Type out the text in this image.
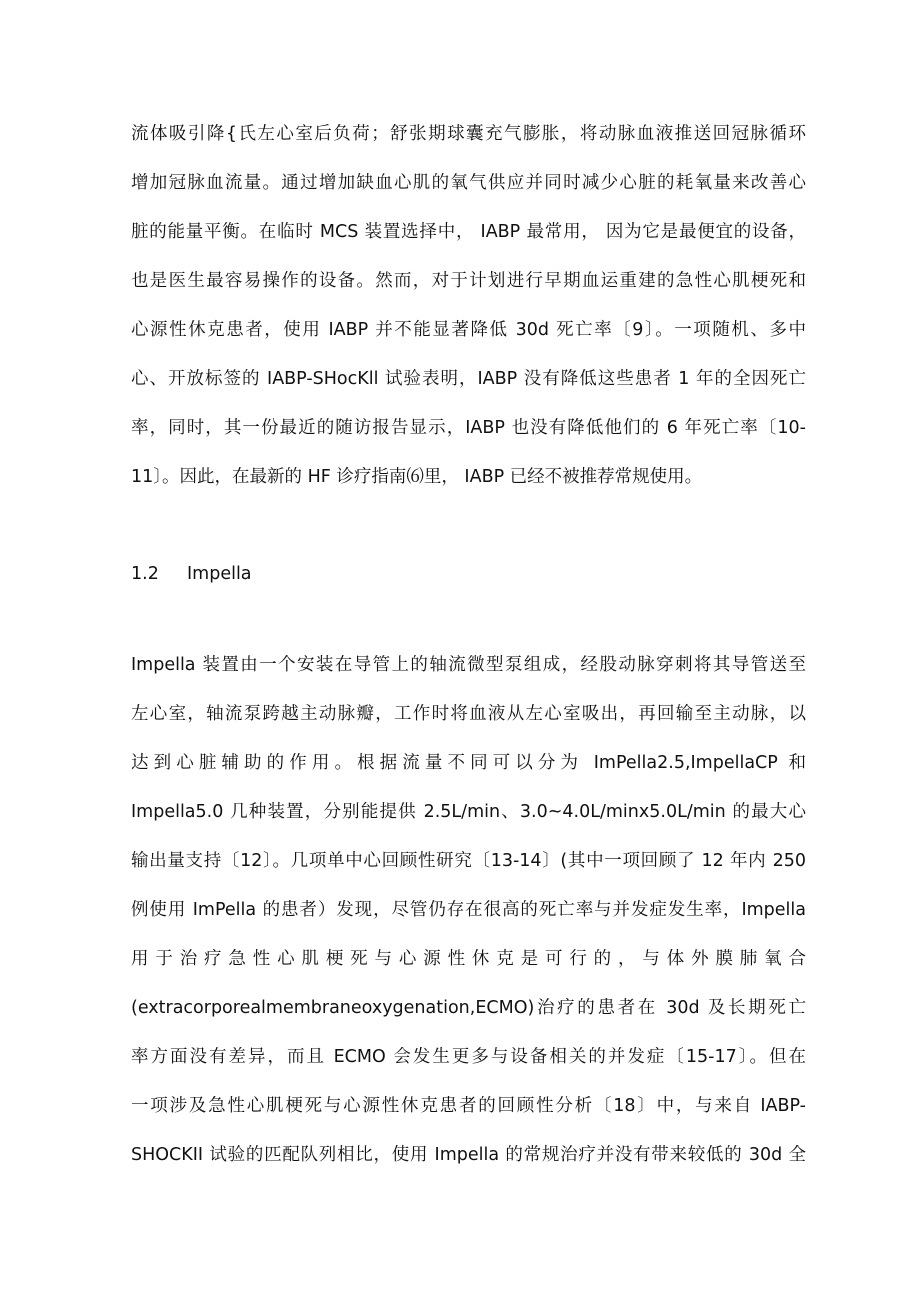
流体吸引降{氏左心室后负荷；舒张期球囊充气膨胀，将动脉血液推送回冠脉循环
增加冠脉血流量。通过增加缺血心肌的氧气供应并同时减少心脏的耗氧量来改善心
脏的能量平衡。在临时 MCS 装置选择中， IABP 最常用， 因为它是最便宜的设备，
也是医生最容易操作的设备。然而，对于计划进行早期血运重建的急性心肌梗死和
心源性休克患者，使用 IABP 并不能显著降低 30d 死亡率〔9〕。一项随机、多中
心、开放标签的 IABP-SHocKll 试验表明，IABP 没有降低这些患者 1 年的全因死亡
率，同时，其一份最近的随访报告显示，IABP 也没有降低他们的 6 年死亡率〔10-
11〕。因此，在最新的 HF 诊疗指南⑹里， IABP 已经不被推荐常规使用。
1.2 Impella
Impella 装置由一个安装在导管上的轴流微型泵组成，经股动脉穿刺将其导管送至
左心室，轴流泵跨越主动脉瓣，工作时将血液从左心室吸出，再回输至主动脉，以
达到心脏辅助的作用。根据流量不同可以分为 ImPella2.5,ImpellaCP 和
Impella5.0 几种装置，分别能提供 2.5L/min、3.0~4.0L/minx5.0L/min 的最大心
输出量支持〔12〕。几项单中心回顾性研究〔13-14〕(其中一项回顾了 12 年内 250
例使用 ImPella 的患者）发现，尽管仍存在很高的死亡率与并发症发生率，Impella
用于治疗急性心肌梗死与心源性休克是可行的，与体外膜肺氧合
(extracorporealmembraneoxygenation,ECMO)治疗的患者在 30d 及长期死亡
率方面没有差异，而且 ECMO 会发生更多与设备相关的并发症〔15-17〕。但在
一项涉及急性心肌梗死与心源性休克患者的回顾性分析〔18〕中，与来自 IABP-
SHOCKII 试验的匹配队列相比，使用 Impella 的常规治疗并没有带来较低的 30d 全
